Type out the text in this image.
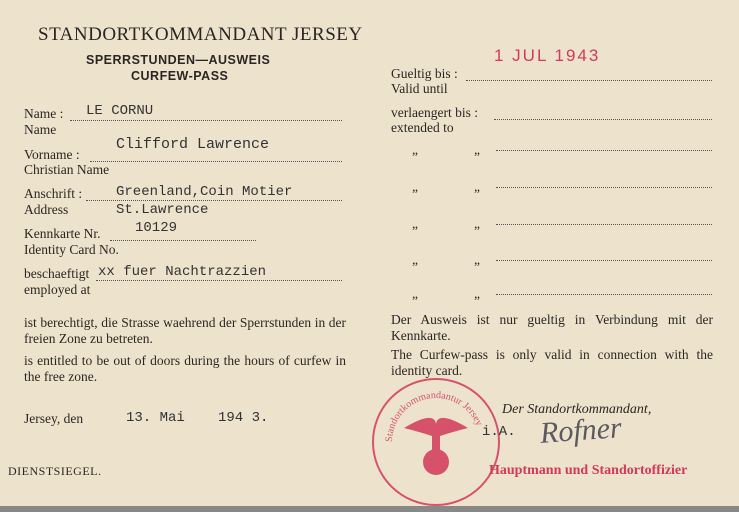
STANDORTKOMMANDANT JERSEY
SPERRSTUNDEN—AUSWEIS
CURFEW-PASS
Name : LE CORNU
Name
Vorname :
Clifford Lawrence
Christian Name
Anschrift : Greenland,Coin Motier
Address	St.Lawrence
Kennkarte Nr. 10129
Identity Card No.
beschaeftigt xx fuer Nachtrazzien
employed at
ist berechtigt, die Strasse waehrend der Sperrstunden in der freien Zone zu betreten.
is entitled to be out of doors during the hours of curfew in the free zone.
Jersey, den	13. Mai 194 3.
DIENSTSIEGEL.
1 JUL 1943
Gueltig bis :
Valid until
verlaengert bis :
extended to
„	„
„	„
„	„
„	„
„	„
Der Ausweis ist nur gueltig in Verbindung mit der Kennkarte.
The Curfew-pass is only valid in connection with the identity card.
Standortkommandantur Jersey
Der Standortkommandant,
i.A. Rofner
Hauptmann und Standortoffizier
